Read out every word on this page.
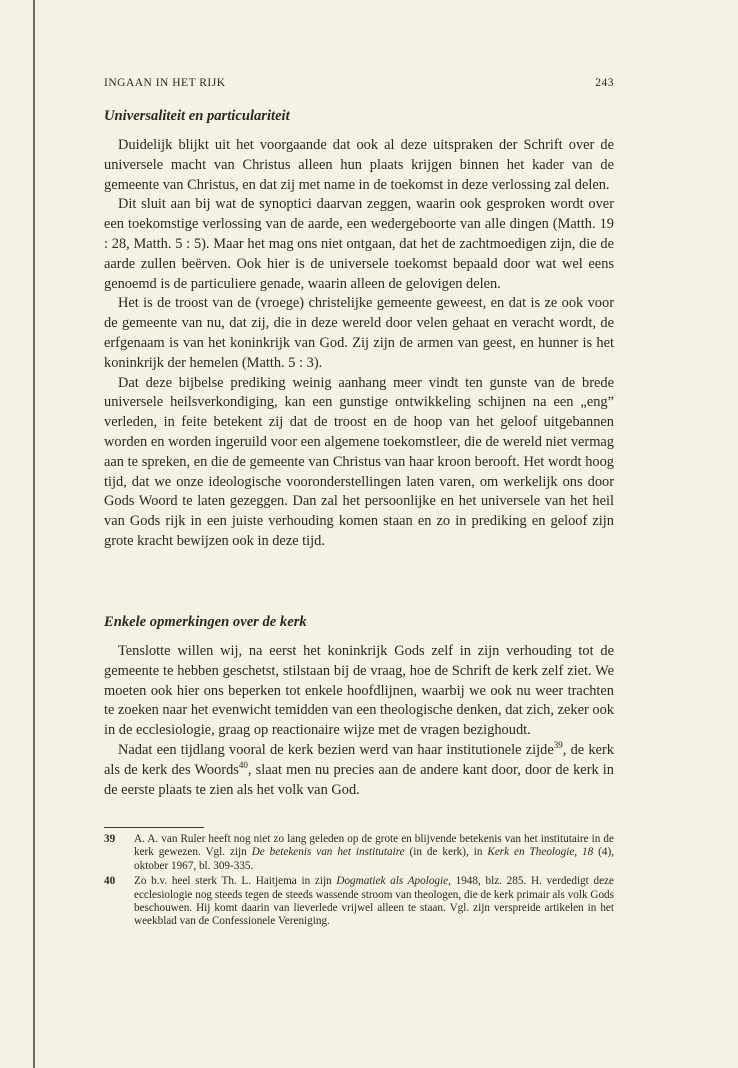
INGAAN IN HET RIJK	243
Universaliteit en particulariteit

Duidelijk blijkt uit het voorgaande dat ook al deze uitspraken der Schrift over de universele macht van Christus alleen hun plaats krijgen binnen het kader van de gemeente van Christus, en dat zij met name in de toekomst in deze verlossing zal delen.

Dit sluit aan bij wat de synoptici daarvan zeggen, waarin ook gesproken wordt over een toekomstige verlossing van de aarde, een wedergeboorte van alle dingen (Matth. 19 : 28, Matth. 5 : 5). Maar het mag ons niet ontgaan, dat het de zachtmoedigen zijn, die de aarde zullen beërven. Ook hier is de universele toekomst bepaald door wat wel eens genoemd is de particuliere genade, waarin alleen de gelovigen delen.

Het is de troost van de (vroege) christelijke gemeente geweest, en dat is ze ook voor de gemeente van nu, dat zij, die in deze wereld door velen gehaat en veracht wordt, de erfgenaam is van het koninkrijk van God. Zij zijn de armen van geest, en hunner is het koninkrijk der hemelen (Matth. 5 : 3).

Dat deze bijbelse prediking weinig aanhang meer vindt ten gunste van de brede universele heilsverkondiging, kan een gunstige ontwikkeling schijnen na een „eng” verleden, in feite betekent zij dat de troost en de hoop van het geloof uitgebannen worden en worden ingeruild voor een algemene toekomstleer, die de wereld niet vermag aan te spreken, en die de gemeente van Christus van haar kroon berooft. Het wordt hoog tijd, dat we onze ideologische vooronderstellingen laten varen, om werkelijk ons door Gods Woord te laten gezeggen. Dan zal het persoonlijke en het universele van het heil van Gods rijk in een juiste verhouding komen staan en zo in prediking en geloof zijn grote kracht bewijzen ook in deze tijd.

Enkele opmerkingen over de kerk

Tenslotte willen wij, na eerst het koninkrijk Gods zelf in zijn verhouding tot de gemeente te hebben geschetst, stilstaan bij de vraag, hoe de Schrift de kerk zelf ziet. We moeten ook hier ons beperken tot enkele hoofdlijnen, waarbij we ook nu weer trachten te zoeken naar het evenwicht temidden van een theologische denken, dat zich, zeker ook in de ecclesiologie, graag op reactionaire wijze met de vragen bezighoudt.

Nadat een tijdlang vooral de kerk bezien werd van haar institutionele zijde$^{39}$, de kerk als de kerk des Woords$^{40}$, slaat men nu precies aan de andere kant door, door de kerk in de eerste plaats te zien als het volk van God.

39 A. A. van Ruler heeft nog niet zo lang geleden op de grote en blijvende betekenis van het institutaire in de kerk gewezen. Vgl. zijn De betekenis van het institutaire (in de kerk), in Kerk en Theologie, 18 (4), oktober 1967, bl. 309-335.

40 Zo b.v. heel sterk Th. L. Haitjema in zijn Dogmatiek als Apologie, 1948, blz. 285. H. verdedigt deze ecclesiologie nog steeds tegen de steeds wassende stroom van theologen, die de kerk primair als volk Gods beschouwen. Hij komt daarin van lieverlede vrijwel alleen te staan. Vgl. zijn verspreide artikelen in het weekblad van de Confessionele Vereniging.
